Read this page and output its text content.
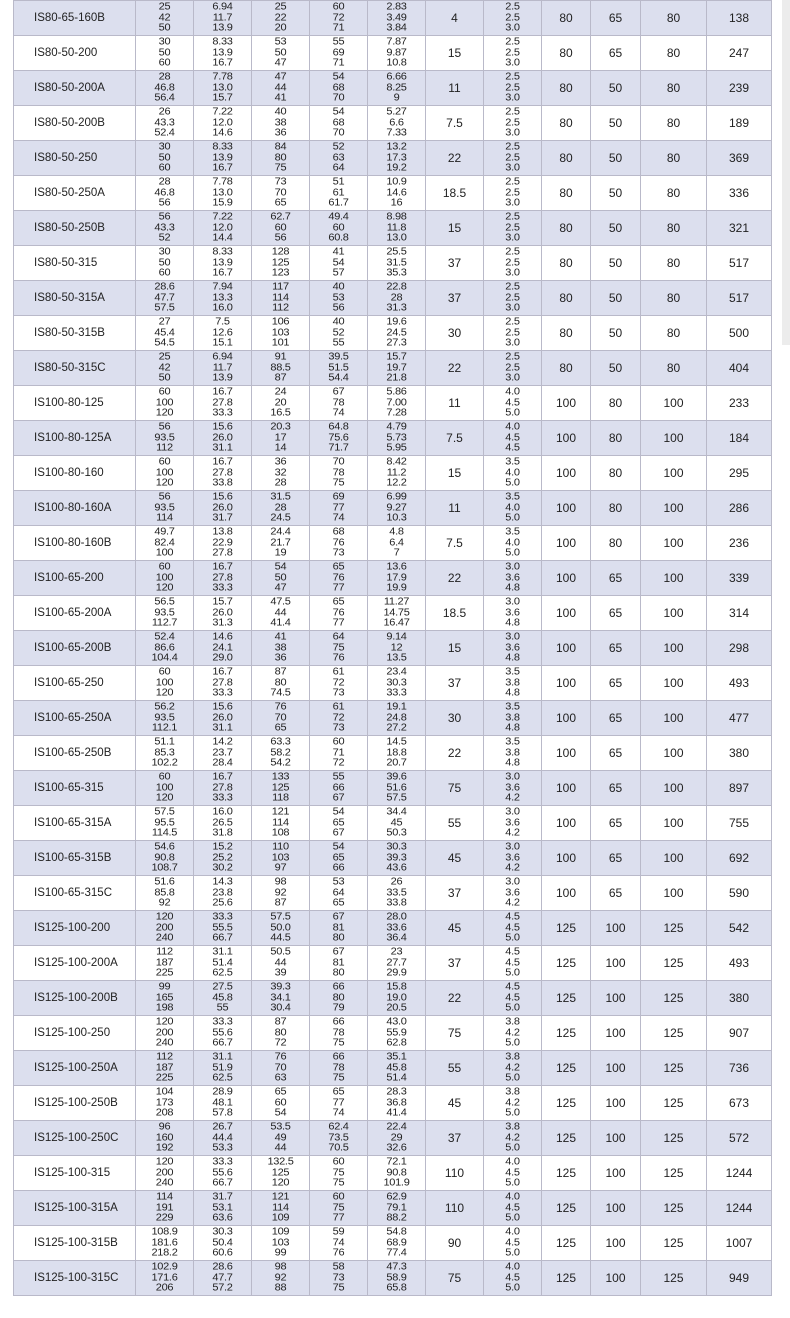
IS80-65-160B	25
42
50	6.94
11.7
13.9	25
22
20	60
72
71	2.83
3.49
3.84	4	2.5
2.5
3.0	80	65	80	138
IS80-50-200	30
50
60	8.33
13.9
16.7	53
50
47	55
69
71	7.87
9.87
10.8	15	2.5
2.5
3.0	80	65	80	247
IS80-50-200A	28
46.8
56.4	7.78
13.0
15.7	47
44
41	54
68
70	6.66
8.25
9	11	2.5
2.5
3.0	80	50	80	239
IS80-50-200B	26
43.3
52.4	7.22
12.0
14.6	40
38
36	54
68
70	5.27
6.6
7.33	7.5	2.5
2.5
3.0	80	50	80	189
IS80-50-250	30
50
60	8.33
13.9
16.7	84
80
75	52
63
64	13.2
17.3
19.2	22	2.5
2.5
3.0	80	50	80	369
IS80-50-250A	28
46.8
56	7.78
13.0
15.9	73
70
65	51
61
61.7	10.9
14.6
16	18.5	2.5
2.5
3.0	80	50	80	336
IS80-50-250B	56
43.3
52	7.22
12.0
14.4	62.7
60
56	49.4
60
60.8	8.98
11.8
13.0	15	2.5
2.5
3.0	80	50	80	321
IS80-50-315	30
50
60	8.33
13.9
16.7	128
125
123	41
54
57	25.5
31.5
35.3	37	2.5
2.5
3.0	80	50	80	517
IS80-50-315A	28.6
47.7
57.5	7.94
13.3
16.0	117
114
112	40
53
56	22.8
28
31.3	37	2.5
2.5
3.0	80	50	80	517
IS80-50-315B	27
45.4
54.5	7.5
12.6
15.1	106
103
101	40
52
55	19.6
24.5
27.3	30	2.5
2.5
3.0	80	50	80	500
IS80-50-315C	25
42
50	6.94
11.7
13.9	91
88.5
87	39.5
51.5
54.4	15.7
19.7
21.8	22	2.5
2.5
3.0	80	50	80	404
IS100-80-125	60
100
120	16.7
27.8
33.3	24
20
16.5	67
78
74	5.86
7.00
7.28	11	4.0
4.5
5.0	100	80	100	233
IS100-80-125A	56
93.5
112	15.6
26.0
31.1	20.3
17
14	64.8
75.6
71.7	4.79
5.73
5.95	7.5	4.0
4.5
4.5	100	80	100	184
IS100-80-160	60
100
120	16.7
27.8
33.8	36
32
28	70
78
75	8.42
11.2
12.2	15	3.5
4.0
5.0	100	80	100	295
IS100-80-160A	56
93.5
114	15.6
26.0
31.7	31.5
28
24.5	69
77
74	6.99
9.27
10.3	11	3.5
4.0
5.0	100	80	100	286
IS100-80-160B	49.7
82.4
100	13.8
22.9
27.8	24.4
21.7
19	68
76
73	4.8
6.4
7	7.5	3.5
4.0
5.0	100	80	100	236
IS100-65-200	60
100
120	16.7
27.8
33.3	54
50
47	65
76
77	13.6
17.9
19.9	22	3.0
3.6
4.8	100	65	100	339
IS100-65-200A	56.5
93.5
112.7	15.7
26.0
31.3	47.5
44
41.4	65
76
77	11.27
14.75
16.47	18.5	3.0
3.6
4.8	100	65	100	314
IS100-65-200B	52.4
86.6
104.4	14.6
24.1
29.0	41
38
36	64
75
76	9.14
12
13.5	15	3.0
3.6
4.8	100	65	100	298
IS100-65-250	60
100
120	16.7
27.8
33.3	87
80
74.5	61
72
73	23.4
30.3
33.3	37	3.5
3.8
4.8	100	65	100	493
IS100-65-250A	56.2
93.5
112.1	15.6
26.0
31.1	76
70
65	61
72
73	19.1
24.8
27.2	30	3.5
3.8
4.8	100	65	100	477
IS100-65-250B	51.1
85.3
102.2	14.2
23.7
28.4	63.3
58.2
54.2	60
71
72	14.5
18.8
20.7	22	3.5
3.8
4.8	100	65	100	380
IS100-65-315	60
100
120	16.7
27.8
33.3	133
125
118	55
66
67	39.6
51.6
57.5	75	3.0
3.6
4.2	100	65	100	897
IS100-65-315A	57.5
95.5
114.5	16.0
26.5
31.8	121
114
108	54
65
67	34.4
45
50.3	55	3.0
3.6
4.2	100	65	100	755
IS100-65-315B	54.6
90.8
108.7	15.2
25.2
30.2	110
103
97	54
65
66	30.3
39.3
43.6	45	3.0
3.6
4.2	100	65	100	692
IS100-65-315C	51.6
85.8
92	14.3
23.8
25.6	98
92
87	53
64
65	26
33.5
33.8	37	3.0
3.6
4.2	100	65	100	590
IS125-100-200	120
200
240	33.3
55.5
66.7	57.5
50.0
44.5	67
81
80	28.0
33.6
36.4	45	4.5
4.5
5.0	125	100	125	542
IS125-100-200A	112
187
225	31.1
51.4
62.5	50.5
44
39	67
81
80	23
27.7
29.9	37	4.5
4.5
5.0	125	100	125	493
IS125-100-200B	99
165
198	27.5
45.8
55	39.3
34.1
30.4	66
80
79	15.8
19.0
20.5	22	4.5
4.5
5.0	125	100	125	380
IS125-100-250	120
200
240	33.3
55.6
66.7	87
80
72	66
78
75	43.0
55.9
62.8	75	3.8
4.2
5.0	125	100	125	907
IS125-100-250A	112
187
225	31.1
51.9
62.5	76
70
63	66
78
75	35.1
45.8
51.4	55	3.8
4.2
5.0	125	100	125	736
IS125-100-250B	104
173
208	28.9
48.1
57.8	65
60
54	65
77
74	28.3
36.8
41.4	45	3.8
4.2
5.0	125	100	125	673
IS125-100-250C	96
160
192	26.7
44.4
53.3	53.5
49
44	62.4
73.5
70.5	22.4
29
32.6	37	3.8
4.2
5.0	125	100	125	572
IS125-100-315	120
200
240	33.3
55.6
66.7	132.5
125
120	60
75
75	72.1
90.8
101.9	110	4.0
4.5
5.0	125	100	125	1244
IS125-100-315A	114
191
229	31.7
53.1
63.6	121
114
109	60
75
77	62.9
79.1
88.2	110	4.0
4.5
5.0	125	100	125	1244
IS125-100-315B	108.9
181.6
218.2	30.3
50.4
60.6	109
103
99	59
74
76	54.8
68.9
77.4	90	4.0
4.5
5.0	125	100	125	1007
IS125-100-315C	102.9
171.6
206	28.6
47.7
57.2	98
92
88	58
73
75	47.3
58.9
65.8	75	4.0
4.5
5.0	125	100	125	949
